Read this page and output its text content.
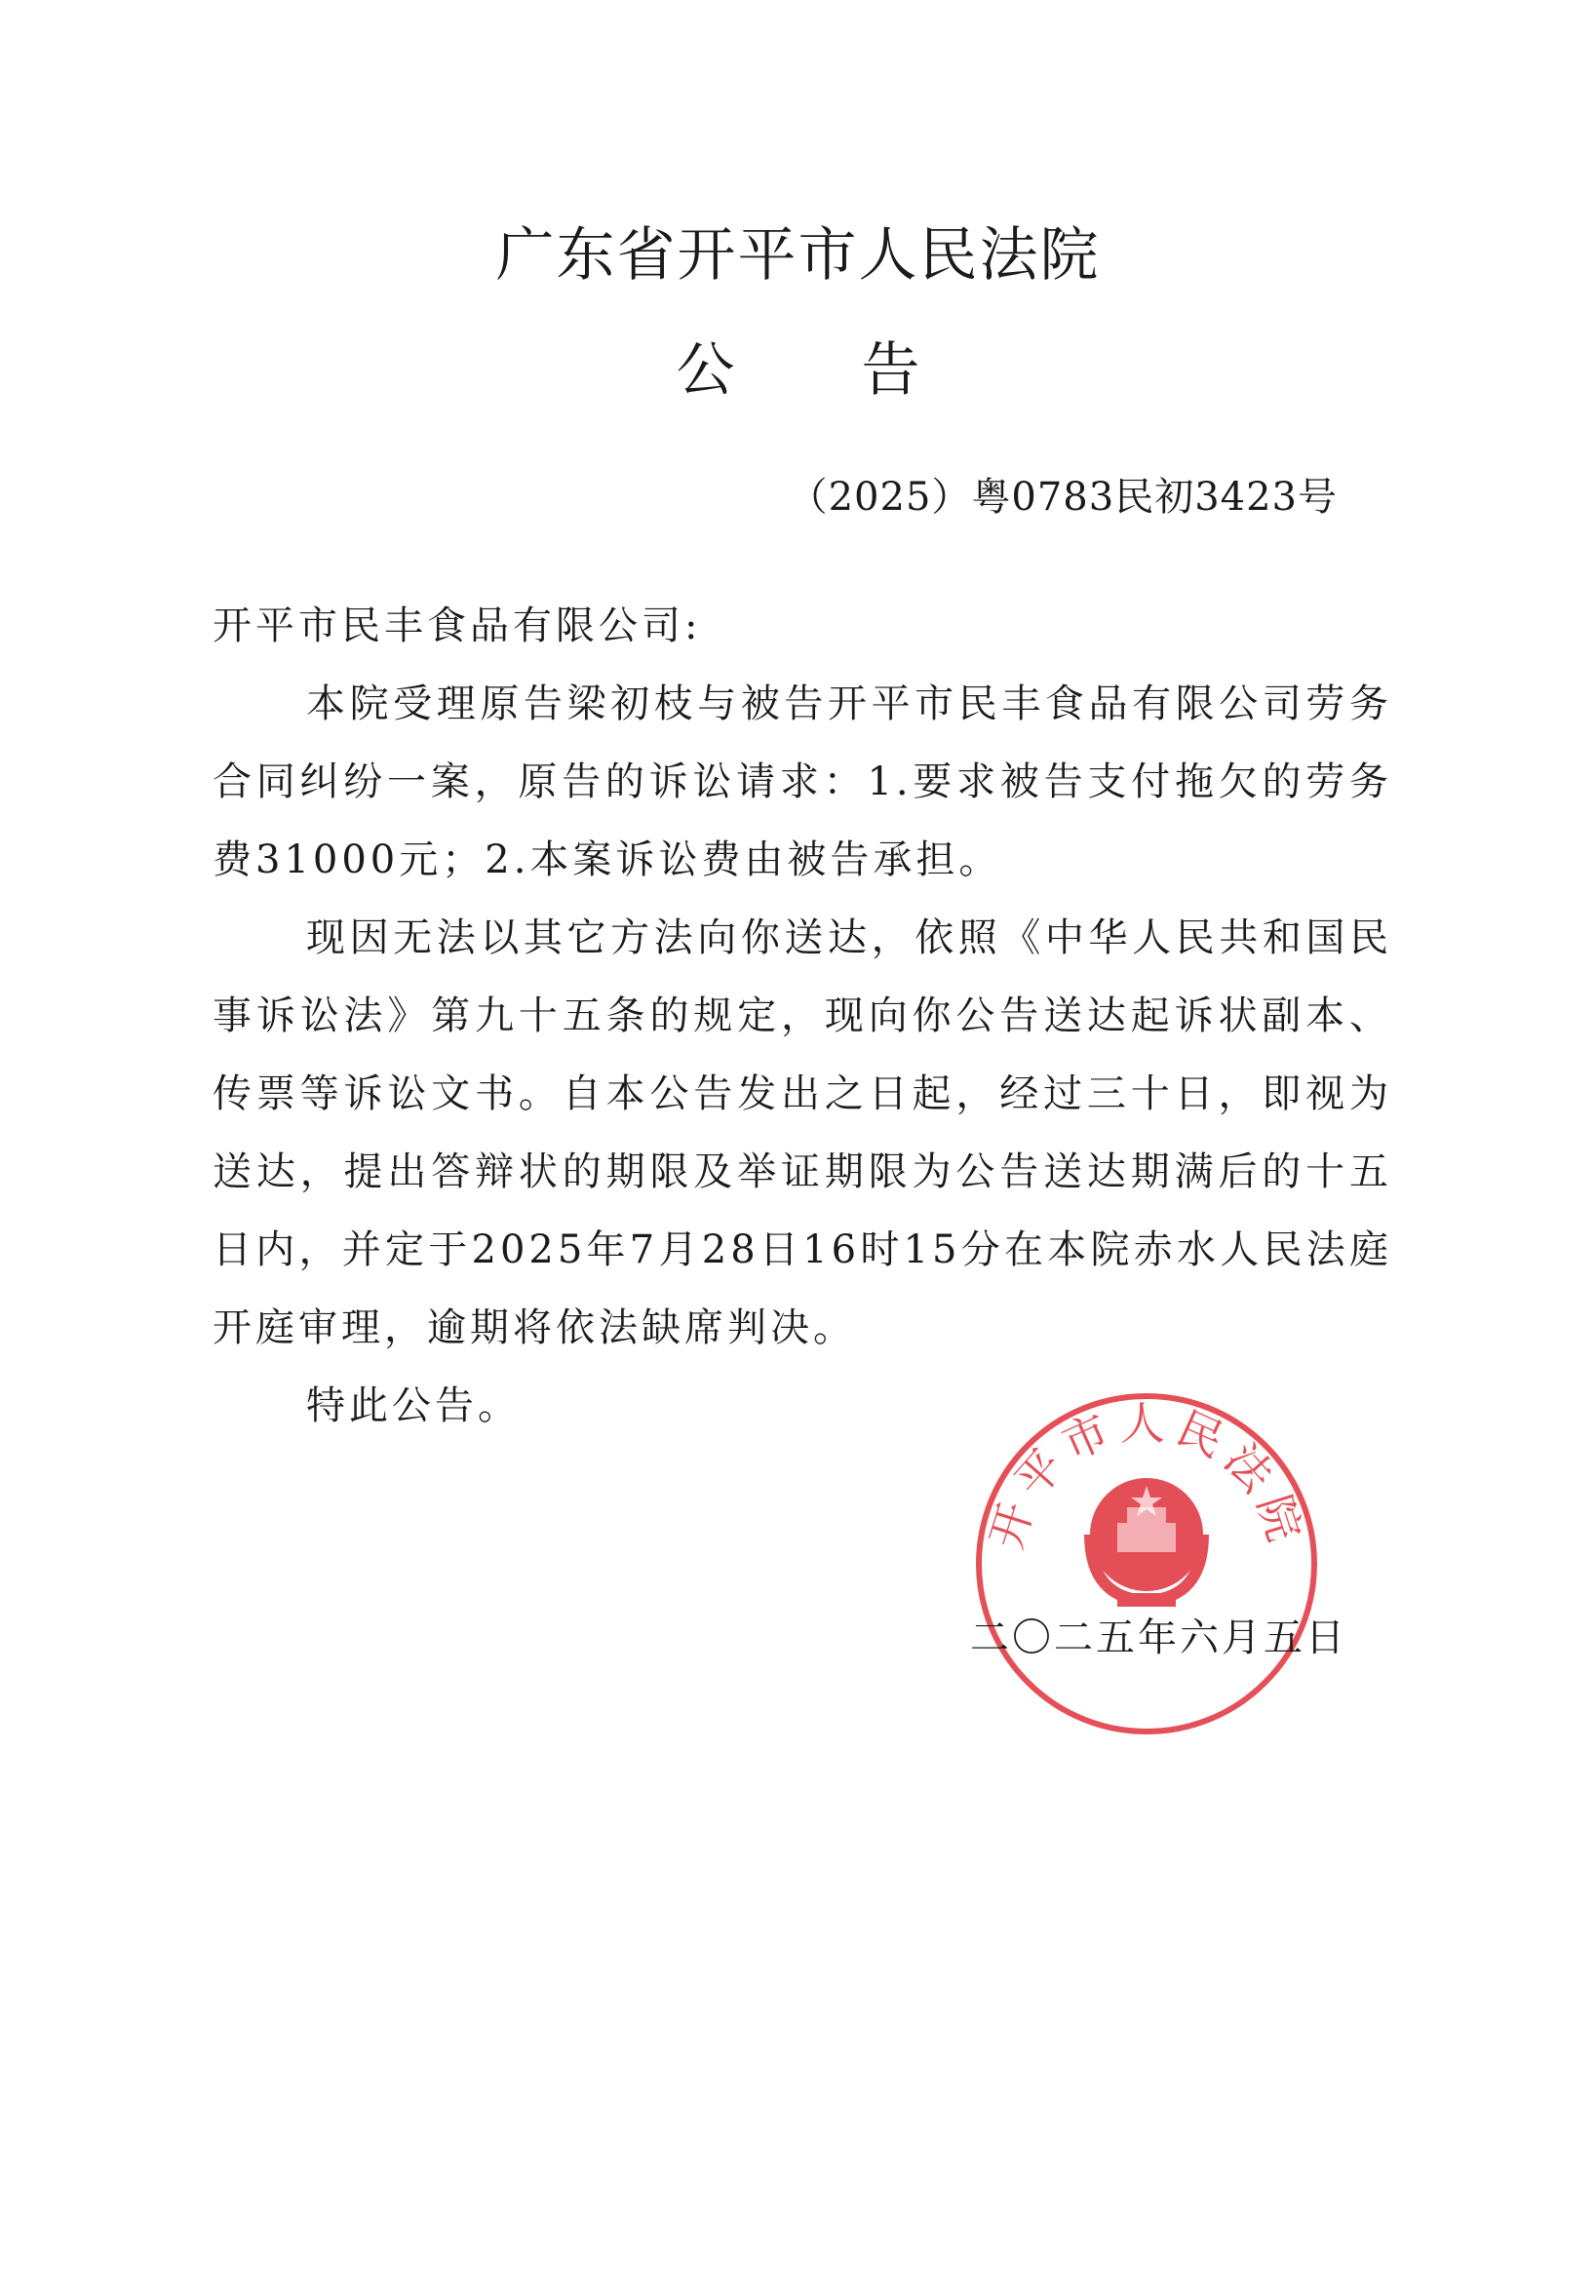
广东省开平市人民法院
公 告
（2025）粤0783民初3423号

开平市民丰食品有限公司:

本院受理原告梁初枝与被告开平市民丰食品有限公司劳务合同纠纷一案，原告的诉讼请求：1.要求被告支付拖欠的劳务费31000元；2.本案诉讼费由被告承担。

现因无法以其它方法向你送达，依照《中华人民共和国民事诉讼法》第九十五条的规定，现向你公告送达起诉状副本、传票等诉讼文书。自本公告发出之日起，经过三十日，即视为送达，提出答辩状的期限及举证期限为公告送达期满后的十五日内，并定于2025年7月28日16时15分在本院赤水人民法庭开庭审理，逾期将依法缺席判决。

特此公告。

开平市人民法院
二〇二五年六月五日
